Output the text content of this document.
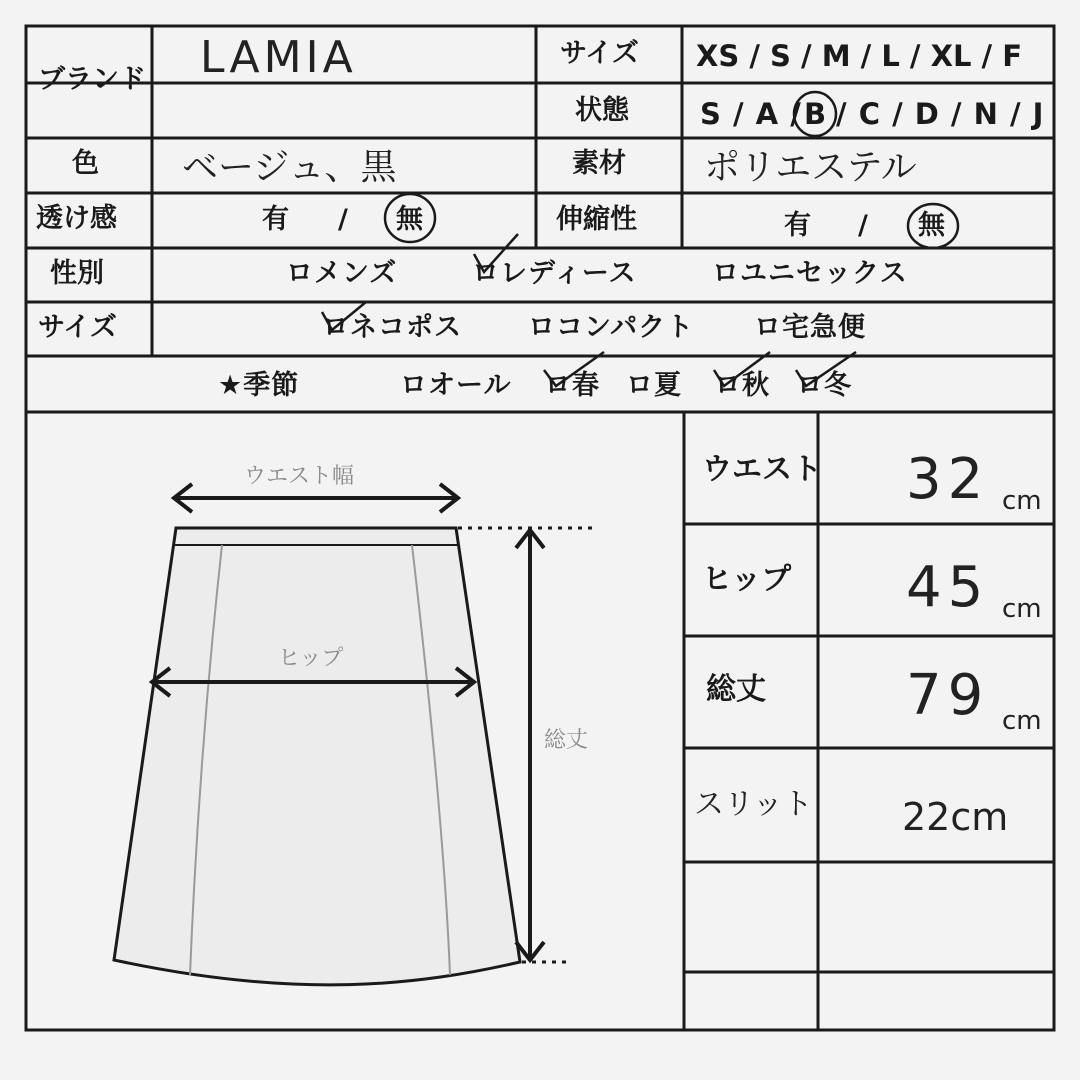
ブランド LAMIA	サイズ XS / S / M / L / XL / F
状態 S / A / B / C / D / N / J
色 ベージュ、黒	素材 ポリエステル
透け感	有 / 無	伸縮性	有 / 無
性別	ロメンズ	ロレディース	ロユニセックス
サイズ	ロネコポス ロコンパクト ロ宅急便
★季節	ロオール ロ春 ロ夏 ロ秋 ロ冬
ウエスト幅
ヒップ
総丈
ウエスト 32 cm
ヒップ 45 cm
総丈	79 cm
スリット 22cm
